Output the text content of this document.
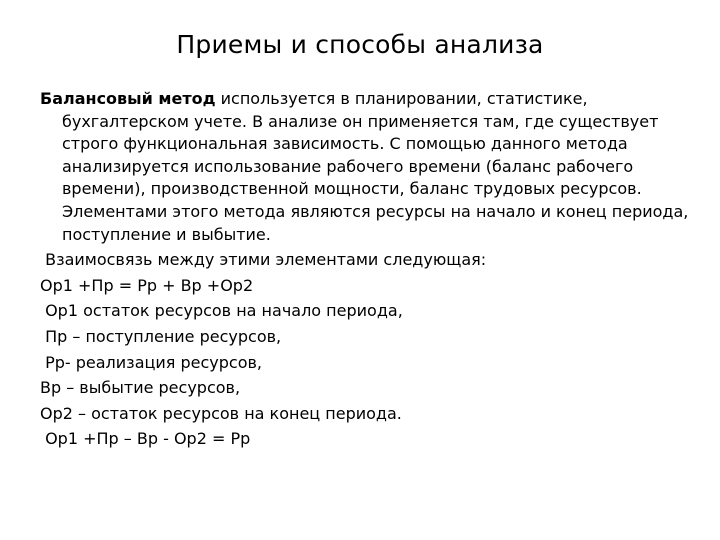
Приемы и способы анализа

Балансовый метод используется в планировании, статистике, бухгалтерском учете. В анализе он применяется там, где существует строго функциональная зависимость. С помощью данного метода анализируется использование рабочего времени (баланс рабочего времени), производственной мощности, баланс трудовых ресурсов. Элементами этого метода являются ресурсы на начало и конец периода, поступление и выбытие.

Взаимосвязь между этими элементами следующая:

Ор1 +Пр = Рр + Вр +Ор2

Ор1 остаток ресурсов на начало периода,

Пр – поступление ресурсов,

Рр- реализация ресурсов,

Вр – выбытие ресурсов,

Ор2 – остаток ресурсов на конец периода.

Ор1 +Пр – Вр - Ор2 = Рр
